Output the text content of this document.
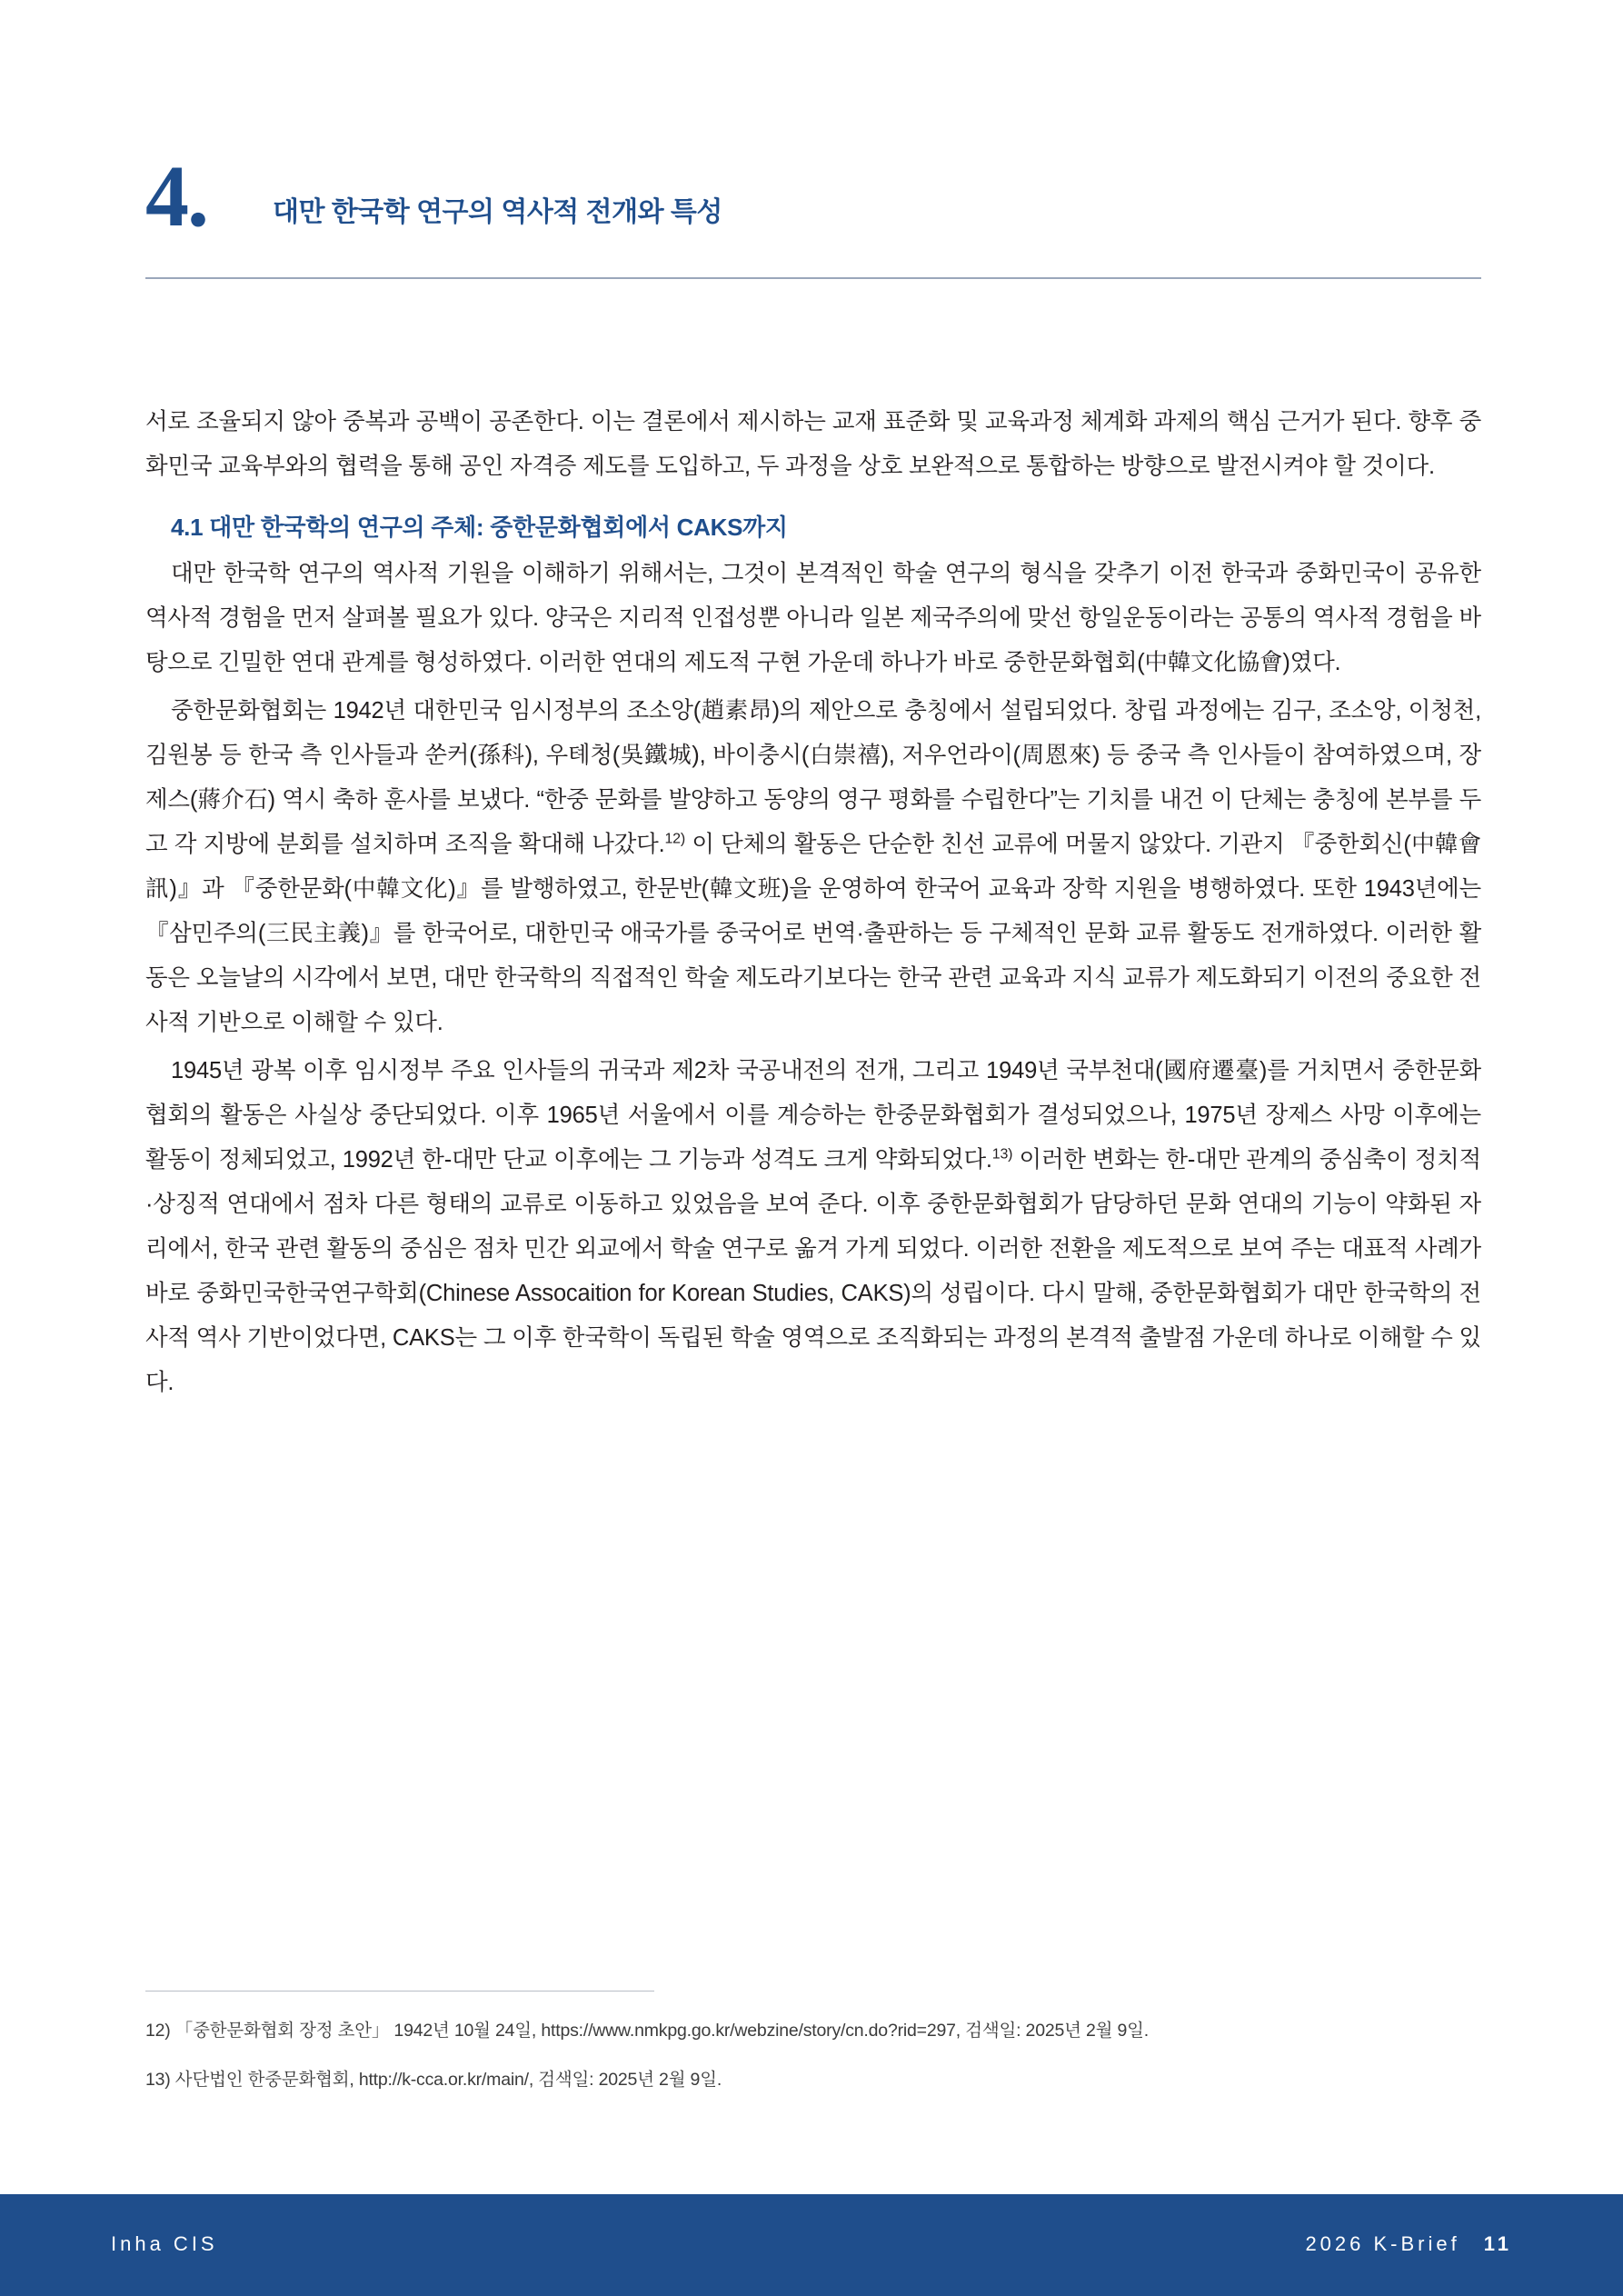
4. 대만 한국학 연구의 역사적 전개와 특성

서로 조율되지 않아 중복과 공백이 공존한다. 이는 결론에서 제시하는 교재 표준화 및 교육과정 체계화 과제의 핵심 근거가 된다. 향후 중화민국 교육부와의 협력을 통해 공인 자격증 제도를 도입하고, 두 과정을 상호 보완적으로 통합하는 방향으로 발전시켜야 할 것이다.

4.1 대만 한국학의 연구의 주체: 중한문화협회에서 CAKS까지

대만 한국학 연구의 역사적 기원을 이해하기 위해서는, 그것이 본격적인 학술 연구의 형식을 갖추기 이전 한국과 중화민국이 공유한 역사적 경험을 먼저 살펴볼 필요가 있다. 양국은 지리적 인접성뿐 아니라 일본 제국주의에 맞선 항일운동이라는 공통의 역사적 경험을 바탕으로 긴밀한 연대 관계를 형성하였다. 이러한 연대의 제도적 구현 가운데 하나가 바로 중한문화협회(中韓文化協會)였다.

중한문화협회는 1942년 대한민국 임시정부의 조소앙(趙素昂)의 제안으로 충칭에서 설립되었다. 창립 과정에는 김구, 조소앙, 이청천, 김원봉 등 한국 측 인사들과 쑨커(孫科), 우톄청(吳鐵城), 바이충시(白崇禧), 저우언라이(周恩來) 등 중국 측 인사들이 참여하였으며, 장제스(蔣介石) 역시 축하 훈사를 보냈다. “한중 문화를 발양하고 동양의 영구 평화를 수립한다”는 기치를 내건 이 단체는 충칭에 본부를 두고 각 지방에 분회를 설치하며 조직을 확대해 나갔다.$^{12)}$ 이 단체의 활동은 단순한 친선 교류에 머물지 않았다. 기관지 『중한회신(中韓會訊)』과 『중한문화(中韓文化)』를 발행하였고, 한문반(韓文班)을 운영하여 한국어 교육과 장학 지원을 병행하였다. 또한 1943년에는 『삼민주의(三民主義)』를 한국어로, 대한민국 애국가를 중국어로 번역·출판하는 등 구체적인 문화 교류 활동도 전개하였다. 이러한 활동은 오늘날의 시각에서 보면, 대만 한국학의 직접적인 학술 제도라기보다는 한국 관련 교육과 지식 교류가 제도화되기 이전의 중요한 전사적 기반으로 이해할 수 있다.

1945년 광복 이후 임시정부 주요 인사들의 귀국과 제2차 국공내전의 전개, 그리고 1949년 국부천대(國府遷臺)를 거치면서 중한문화협회의 활동은 사실상 중단되었다. 이후 1965년 서울에서 이를 계승하는 한중문화협회가 결성되었으나, 1975년 장제스 사망 이후에는 활동이 정체되었고, 1992년 한-대만 단교 이후에는 그 기능과 성격도 크게 약화되었다.$^{13)}$ 이러한 변화는 한-대만 관계의 중심축이 정치적·상징적 연대에서 점차 다른 형태의 교류로 이동하고 있었음을 보여 준다. 이후 중한문화협회가 담당하던 문화 연대의 기능이 약화된 자리에서, 한국 관련 활동의 중심은 점차 민간 외교에서 학술 연구로 옮겨 가게 되었다. 이러한 전환을 제도적으로 보여 주는 대표적 사례가 바로 중화민국한국연구학회(Chinese Assocaition for Korean Studies, CAKS)의 성립이다. 다시 말해, 중한문화협회가 대만 한국학의 전사적 역사 기반이었다면, CAKS는 그 이후 한국학이 독립된 학술 영역으로 조직화되는 과정의 본격적 출발점 가운데 하나로 이해할 수 있다.

12) 「중한문화협회 장정 초안」 1942년 10월 24일, https://www.nmkpg.go.kr/webzine/story/cn.do?rid=297, 검색일: 2025년 2월 9일.
13) 사단법인 한중문화협회, http://k-cca.or.kr/main/, 검색일: 2025년 2월 9일.
Inha CIS	2026 K-Brief 11
